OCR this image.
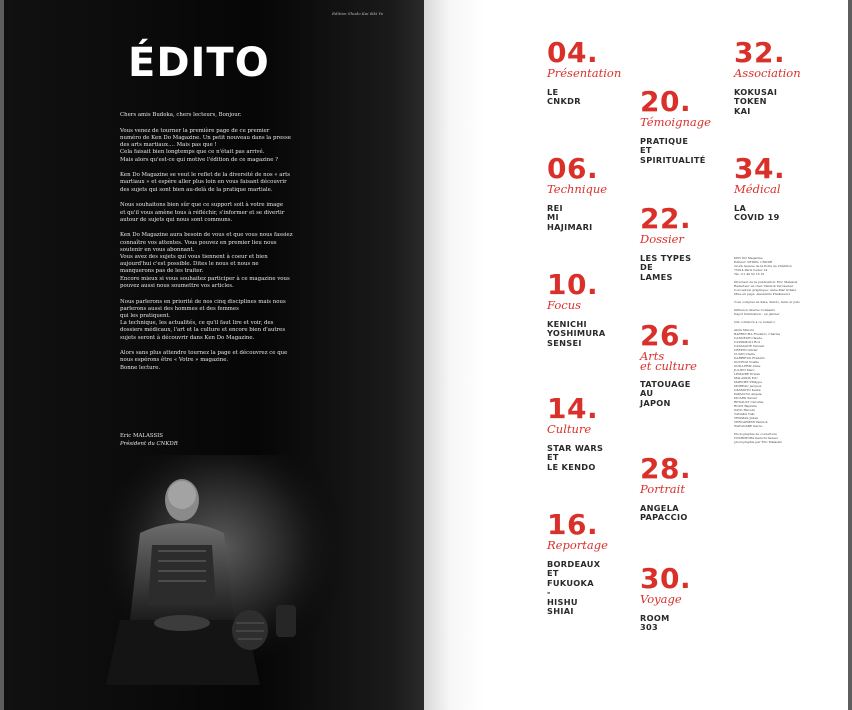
Edition Shodo Kai ikki Yo
ÉDITO

Chers amis Budoka, chers lecteurs, Bonjour.

Vous venez de tourner la première page de ce premier
numéro de Ken Do Magazine. Un petit nouveau dans la presse
des arts martiaux.... Mais pas que !
Cela faisait bien longtemps que ce n'était pas arrivé.
Mais alors qu'est-ce qui motive l'édition de ce magazine ?

Ken Do Magazine se veut le reflet de la diversité de nos « arts
martiaux » et espère aller plus loin en vous faisant découvrir
des sujets qui sont bien au-delà de la pratique martiale.

Nous souhaitons bien sûr que ce support soit à votre image
et qu'il vous amène tous à réfléchir, s'informer et se divertir
autour de sujets qui nous sont communs.

Ken Do Magazine aura besoin de vous et que vous nous fassiez
connaître vos attentes. Vous pouvez en premier lieu nous
soutenir en vous abonnant.
Vous avez des sujets qui vous tiennent à coeur et bien
aujourd'hui c'est possible. Dites le nous et nous ne
manquerons pas de les traiter.
Encore mieux si vous souhaitez participer à ce magazine vous
pouvez aussi nous soumettre vos articles.

Nous parlerons en priorité de nos cinq disciplines mais nous
parlerons aussi des hommes et des femmes
qui les pratiquent.
La technique, les actualités, ce qu'il faut lire et voir, des
dossiers médicaux, l'art et la culture et encore bien d'autres
sujets seront à découvrir dans Ken Do Magazine.

Alors sans plus attendre tournez la page et découvrez ce que
nous espérons être « Votre » magazine.
Bonne lecture.

Eric MALASSIS
Président du CNKDR
04.
Présentation
LE
CNKDR
06.
Technique
REI
MI
HAJIMARI
10.
Focus
KENICHI
YOSHIMURA
SENSEI
14.
Culture
STAR WARS
ET
LE KENDO
16.
Reportage
BORDEAUX
ET
FUKUOKA
-
HISHU
SHIAI
20.
Témoignage
PRATIQUE
ET
SPIRITUALITÉ
22.
Dossier
LES TYPES
DE
LAMES
26.
Arts
et culture
TATOUAGE
AU
JAPON
28.
Portrait
ANGELA
PAPACCIO
30.
Voyage
ROOM
303
32.
Association
KOKUSAI
TOKEN
KAI
34.
Médical
LA
COVID 19

KEN DO Magazine
Éditeur: SEDDS, CNKDR
22-24 Avenue de la Porte de Châtillon
75014 Paris Cedex 14
Tél.: 01 40 52 16 16

Directeur de la publication: Eric Malassis
Rédacteur en chef: Yannick Vercaemer
Conception graphique: Anne-Mar Schatz
Mise en page: Alexandre Pietkiewicz

Tous comptes en Kata, Kendo, Iaido et Jodo

Diffusion interne Cotisants
Dépôt Publication : en janvier

Ont collaboré à ce numéro:

AIDA Minoru
BARRUCHA Frédéric, Charles
CANDEUR Claude
CAPPAMOLI Rod
CASSAGNE Vincent
CREPIN Olivier
CUSIN Claire
DARRIEUX Frédéric
DUCROZ Noëlle
GUILLERM Anne
JULIEN Marc
LEMAIRE Erwan
MALASSIS Eric
MARCHE Philippe
MOREAU Jacques
OKAMOTO Kenta
PAPACCIO Angela
PICARD Xavier
RENAULT Caroline
ROUX Baptiste
SATO Hiroshi
TANAKA Yuki
THOMAS Julien
VERCAEMER Yannick
WATANABE Kazuo

Photographie de couverture
YOSHIMURA Kenichi Sensei
photographie par Eric Malassis
